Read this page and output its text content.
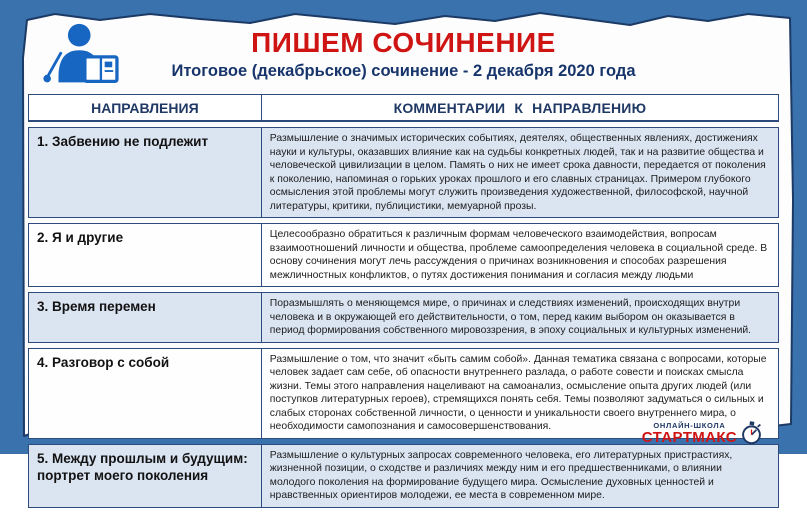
ПИШЕМ СОЧИНЕНИЕ
Итоговое (декабрьское) сочинение - 2 декабря 2020 года
НАПРАВЛЕНИЯ	КОММЕНТАРИИ К НАПРАВЛЕНИЮ
1. Забвению не подлежит	Размышление о значимых исторических событиях, деятелях, общественных явлениях, достижениях науки и культуры, оказавших влияние как на судьбы конкретных людей, так и на развитие общества и человеческой цивилизации в целом. Память о них не имеет срока давности, передается от поколения к поколению, напоминая о горьких уроках прошлого и его славных страницах. Примером глубокого осмысления этой проблемы могут служить произведения художественной, философской, научной литературы, критики, публицистики, мемуарной прозы.
2. Я и другие	Целесообразно обратиться к различным формам человеческого взаимодействия, вопросам взаимоотношений личности и общества, проблеме самоопределения человека в социальной среде. В основу сочинения могут лечь рассуждения о причинах возникновения и способах разрешения межличностных конфликтов, о путях достижения понимания и согласия между людьми
3. Время перемен	Поразмышлять о меняющемся мире, о причинах и следствиях изменений, происходящих внутри человека и в окружающей его действительности, о том, перед каким выбором он оказывается в период формирования собственного мировоззрения, в эпоху социальных и культурных изменений.
4. Разговор с собой	Размышление о том, что значит «быть самим собой». Данная тематика связана с вопросами, которые человек задает сам себе, об опасности внутреннего разлада, о работе совести и поисках смысла жизни. Темы этого направления нацеливают на самоанализ, осмысление опыта других людей (или поступков литературных героев), стремящихся понять себя. Темы позволяют задуматься о сильных и слабых сторонах собственной личности, о ценности и уникальности своего внутреннего мира, о необходимости самопознания и самосовершенствования.
5. Между прошлым и будущим: портрет моего поколения	Размышление о культурных запросах современного человека, его литературных пристрастиях, жизненной позиции, о сходстве и различиях между ним и его предшественниками, о влиянии молодого поколения на формирование будущего мира. Осмысление духовных ценностей и нравственных ориентиров молодежи, ее места в современном мире.
ОНЛАЙН-ШКОЛА
СТАРТМАКС
